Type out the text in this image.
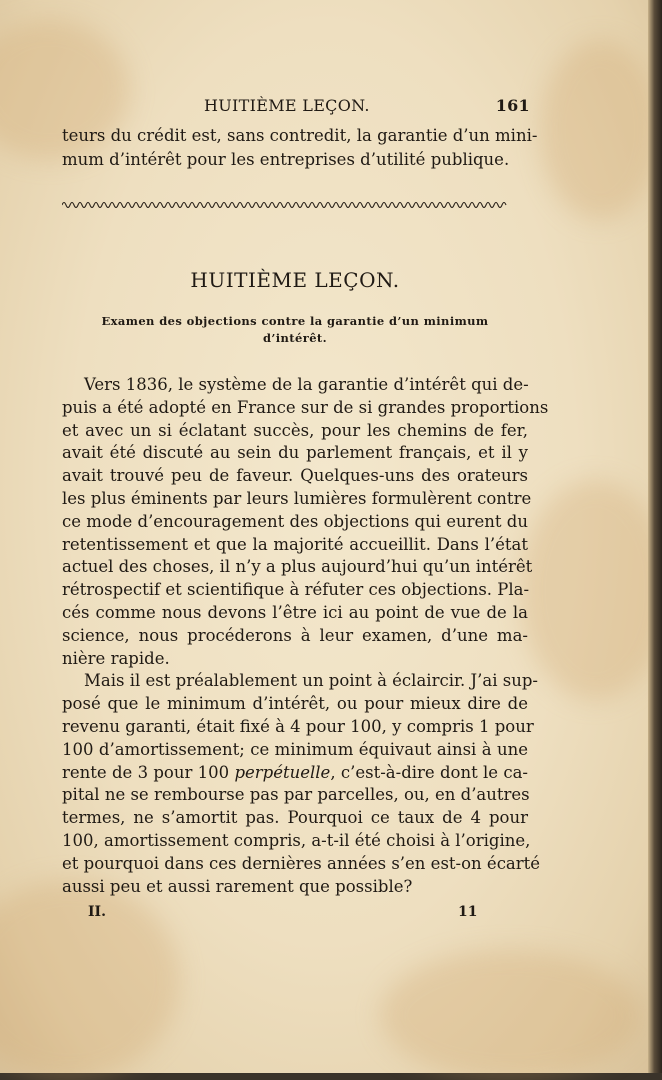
HUITIÈME LEÇON.	161
teurs du crédit est, sans contredit, la garantie d’un mini-
mum d’intérêt pour les entreprises d’utilité publique.
HUITIÈME LEÇON.
Examen des objections contre la garantie d’un minimum
d’intérêt.
Vers 1836, le système de la garantie d’intérêt qui de-
puis a été adopté en France sur de si grandes proportions
et avec un si éclatant succès, pour les chemins de fer,
avait été discuté au sein du parlement français, et il y
avait trouvé peu de faveur. Quelques-uns des orateurs
les plus éminents par leurs lumières formulèrent contre
ce mode d’encouragement des objections qui eurent du
retentissement et que la majorité accueillit. Dans l’état
actuel des choses, il n’y a plus aujourd’hui qu’un intérêt
rétrospectif et scientifique à réfuter ces objections. Pla-
cés comme nous devons l’être ici au point de vue de la
science, nous procéderons à leur examen, d’une ma-
nière rapide.
Mais il est préalablement un point à éclaircir. J’ai sup-
posé que le minimum d’intérêt, ou pour mieux dire de
revenu garanti, était fixé à 4 pour 100, y compris 1 pour
100 d’amortissement; ce minimum équivaut ainsi à une
rente de 3 pour 100 perpétuelle, c’est-à-dire dont le ca-
pital ne se rembourse pas par parcelles, ou, en d’autres
termes, ne s’amortit pas. Pourquoi ce taux de 4 pour
100, amortissement compris, a-t-il été choisi à l’origine,
et pourquoi dans ces dernières années s’en est-on écarté
aussi peu et aussi rarement que possible?
II.	11
